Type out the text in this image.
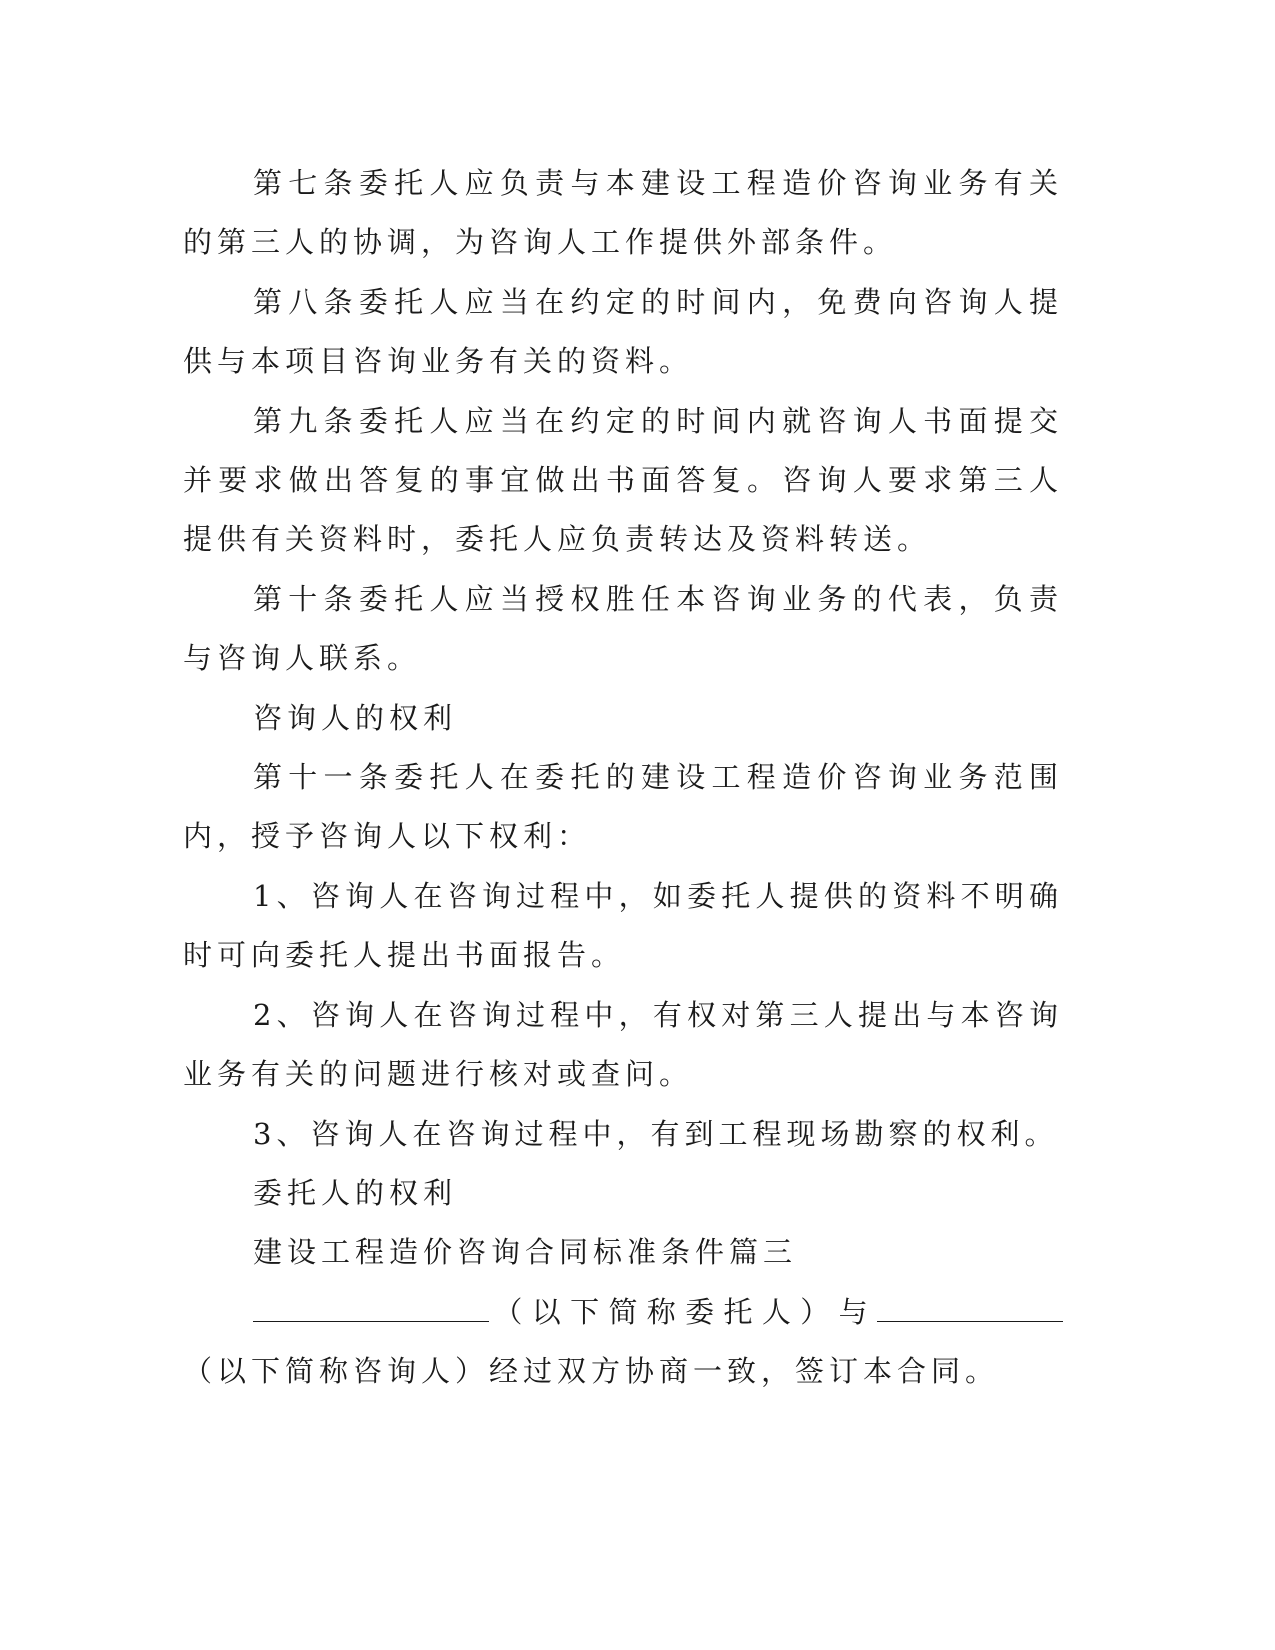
第七条委托人应负责与本建设工程造价咨询业务有关的第三人的协调，为咨询人工作提供外部条件。

第八条委托人应当在约定的时间内，免费向咨询人提供与本项目咨询业务有关的资料。

第九条委托人应当在约定的时间内就咨询人书面提交并要求做出答复的事宜做出书面答复。咨询人要求第三人提供有关资料时，委托人应负责转达及资料转送。

第十条委托人应当授权胜任本咨询业务的代表，负责与咨询人联系。

咨询人的权利

第十一条委托人在委托的建设工程造价咨询业务范围内，授予咨询人以下权利：

1、咨询人在咨询过程中，如委托人提供的资料不明确时可向委托人提出书面报告。

2、咨询人在咨询过程中，有权对第三人提出与本咨询业务有关的问题进行核对或查问。

3、咨询人在咨询过程中，有到工程现场勘察的权利。

委托人的权利

建设工程造价咨询合同标准条件篇三

（以下简称委托人）与（以下简称咨询人）经过双方协商一致，签订本合同。
